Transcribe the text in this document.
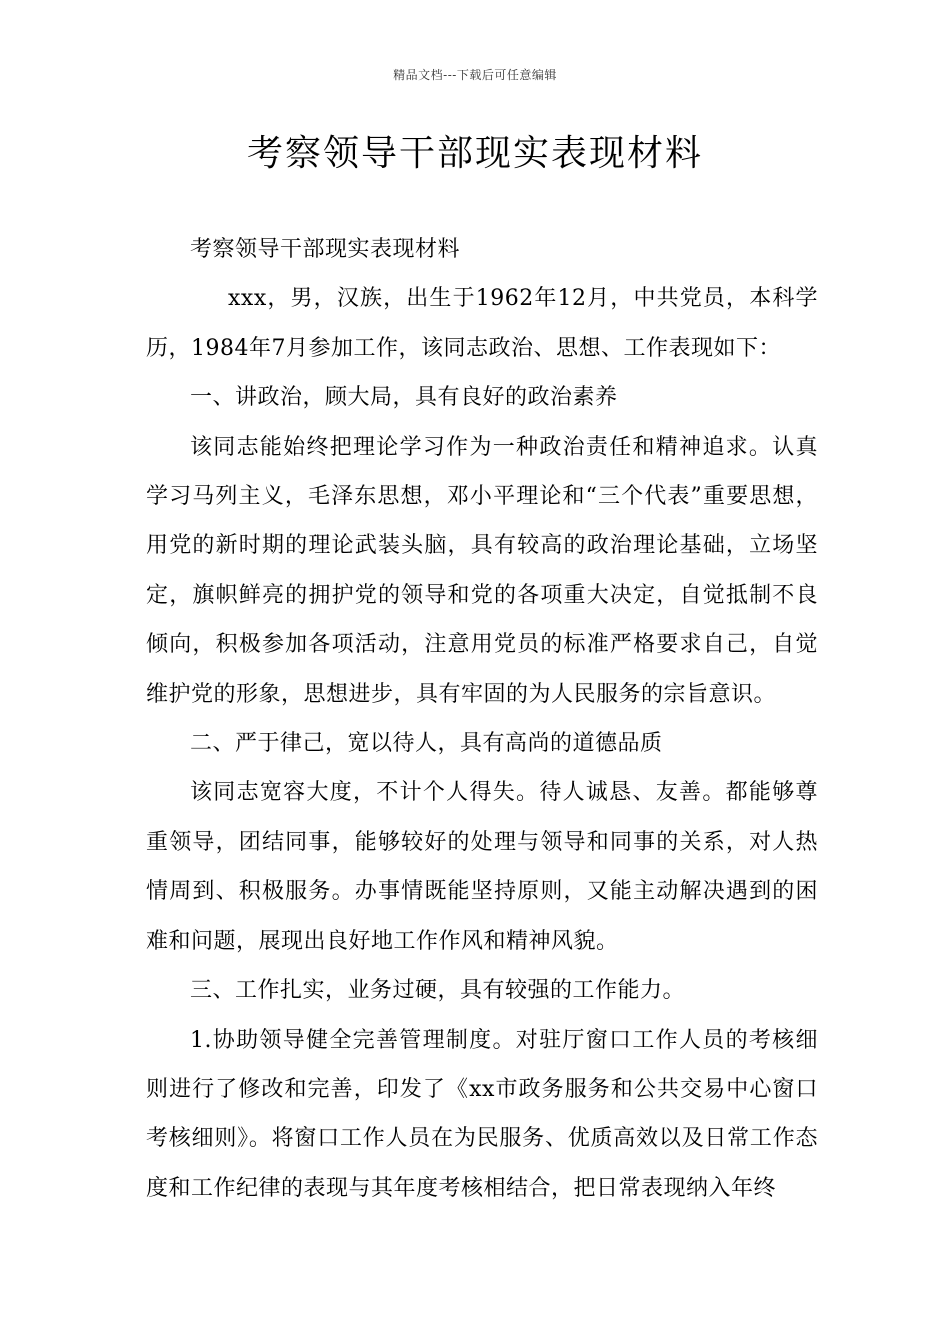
精品文档---下载后可任意编辑
考察领导干部现实表现材料

考察领导干部现实表现材料

xxx，男，汉族，出生于1962年12月，中共党员，本科学历，1984年7月参加工作，该同志政治、思想、工作表现如下：

一、讲政治，顾大局，具有良好的政治素养

该同志能始终把理论学习作为一种政治责任和精神追求。认真学习马列主义，毛泽东思想，邓小平理论和“三个代表”重要思想，用党的新时期的理论武装头脑，具有较高的政治理论基础，立场坚定，旗帜鲜亮的拥护党的领导和党的各项重大决定，自觉抵制不良倾向，积极参加各项活动，注意用党员的标准严格要求自己，自觉维护党的形象，思想进步，具有牢固的为人民服务的宗旨意识。

二、严于律己，宽以待人，具有高尚的道德品质

该同志宽容大度，不计个人得失。待人诚恳、友善。都能够尊重领导，团结同事，能够较好的处理与领导和同事的关系，对人热情周到、积极服务。办事情既能坚持原则，又能主动解决遇到的困难和问题，展现出良好地工作作风和精神风貌。

三、工作扎实，业务过硬，具有较强的工作能力。

1.协助领导健全完善管理制度。对驻厅窗口工作人员的考核细则进行了修改和完善，印发了《xx市政务服务和公共交易中心窗口考核细则》。将窗口工作人员在为民服务、优质高效以及日常工作态度和工作纪律的表现与其年度考核相结合，把日常表现纳入年终
